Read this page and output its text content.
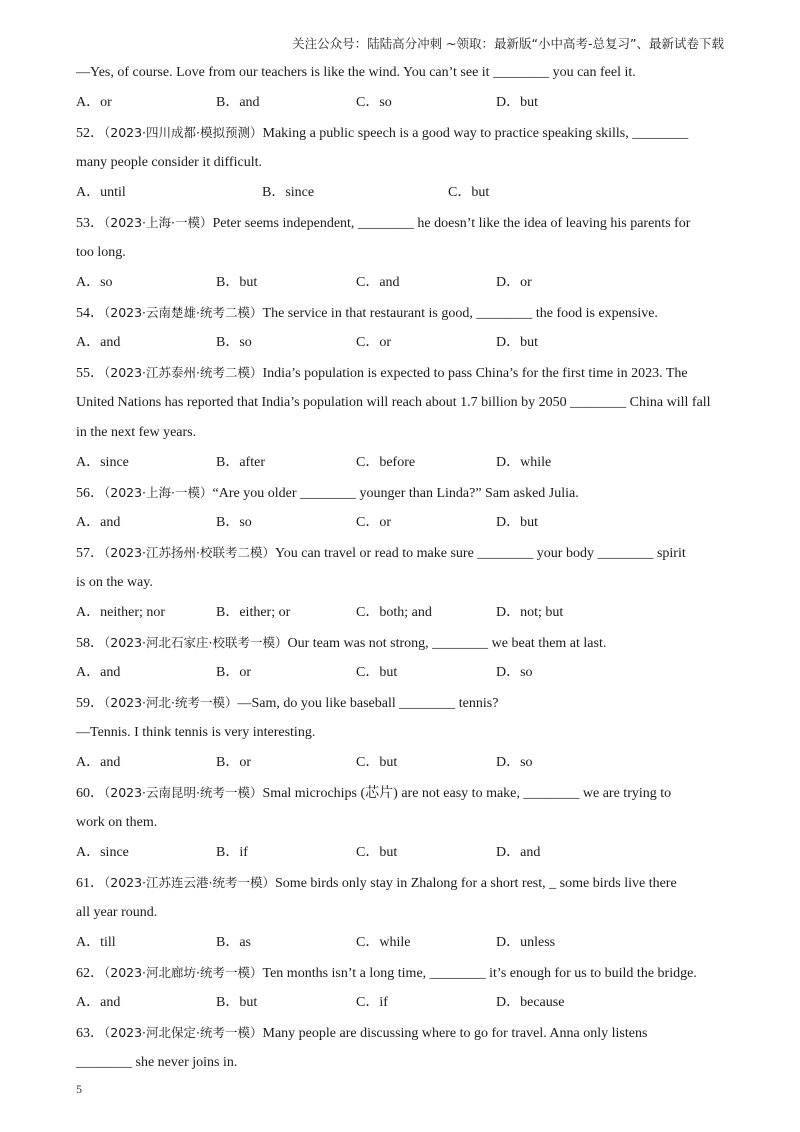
关注公众号：陆陆高分冲刺 ~领取：最新版“小中高考-总复习”、最新试卷下载
—Yes, of course. Love from our teachers is like the wind. You can’t see it ________ you can feel it.
A．or	B．and	C．so	D．but
52．（2023·四川成都·模拟预测）Making a public speech is a good way to practice speaking skills, ________
many people consider it difficult.
A．until	B．since	C．but
53．（2023·上海·一模）Peter seems independent, ________ he doesn’t like the idea of leaving his parents for
too long.
A．so	B．but	C．and	D．or
54．（2023·云南楚雄·统考二模）The service in that restaurant is good, ________ the food is expensive.
A．and	B．so	C．or	D．but
55．（2023·江苏泰州·统考二模）India’s population is expected to pass China’s for the first time in 2023. The
United Nations has reported that India’s population will reach about 1.7 billion by 2050 ________ China will fall
in the next few years.
A．since	B．after	C．before	D．while
56．（2023·上海·一模）“Are you older ________ younger than Linda?” Sam asked Julia.
A．and	B．so	C．or	D．but
57．（2023·江苏扬州·校联考二模）You can travel or read to make sure ________ your body ________ spirit
is on the way.
A．neither; nor	B．either; or	C．both; and	D．not; but
58．（2023·河北石家庄·校联考一模）Our team was not strong, ________ we beat them at last.
A．and	B．or	C．but	D．so
59．（2023·河北·统考一模）—Sam, do you like baseball ________ tennis?
—Tennis. I think tennis is very interesting.
A．and	B．or	C．but	D．so
60．（2023·云南昆明·统考一模）Smal microchips (芯片) are not easy to make, ________ we are trying to
work on them.
A．since	B．if	C．but	D．and
61．（2023·江苏连云港·统考一模）Some birds only stay in Zhalong for a short rest, _ some birds live there
all year round.
A．till	B．as	C．while	D．unless
62．（2023·河北廊坊·统考一模）Ten months isn’t a long time, ________ it’s enough for us to build the bridge.
A．and	B．but	C．if	D．because
63．（2023·河北保定·统考一模）Many people are discussing where to go for travel. Anna only listens
________ she never joins in.
5
